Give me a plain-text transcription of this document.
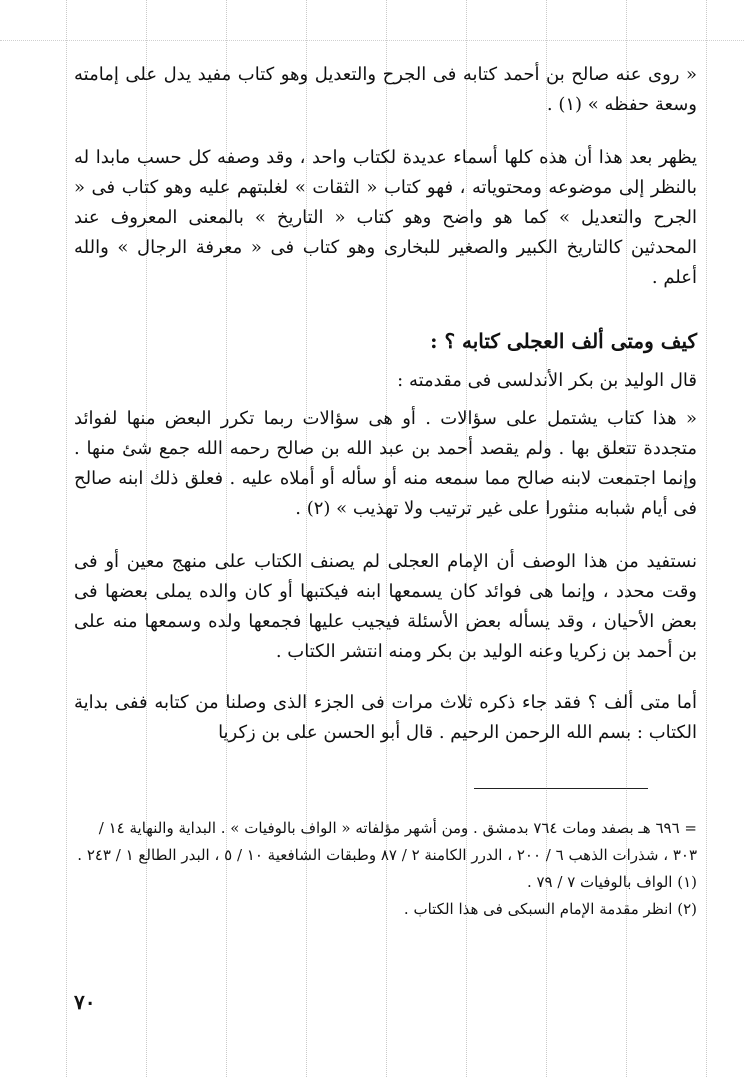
« روى عنه صالح بن أحمد كتابه فى الجرح والتعديل وهو كتاب مفيد يدل على إمامته وسعة حفظه » (١) .

يظهر بعد هذا أن هذه كلها أسماء عديدة لكتاب واحد ، وقد وصفه كل حسب مابدا له بالنظر إلى موضوعه ومحتوياته ، فهو كتاب « الثقات » لغلبتهم عليه وهو كتاب فى « الجرح والتعديل » كما هو واضح وهو كتاب « التاريخ » بالمعنى المعروف عند المحدثين كالتاريخ الكبير والصغير للبخارى وهو كتاب فى « معرفة الرجال » والله أعلم .

كيف ومتى ألف العجلى كتابه ؟ :

قال الوليد بن بكر الأندلسى فى مقدمته :

« هذا كتاب يشتمل على سؤالات . أو هى سؤالات ربما تكرر البعض منها لفوائد متجددة تتعلق بها . ولم يقصد أحمد بن عبد الله بن صالح رحمه الله جمع شئ منها . وإنما اجتمعت لابنه صالح مما سمعه منه أو سأله أو أملاه عليه . فعلق ذلك ابنه صالح فى أيام شبابه منثورا على غير ترتيب ولا تهذيب » (٢) .

نستفيد من هذا الوصف أن الإمام العجلى لم يصنف الكتاب على منهج معين أو فى وقت محدد ، وإنما هى فوائد كان يسمعها ابنه فيكتبها أو كان والده يملى بعضها فى بعض الأحيان ، وقد يسأله بعض الأسئلة فيجيب عليها فجمعها ولده وسمعها منه على بن أحمد بن زكريا وعنه الوليد بن بكر ومنه انتشر الكتاب .

أما متى ألف ؟ فقد جاء ذكره ثلاث مرات فى الجزء الذى وصلنا من كتابه ففى بداية الكتاب : بسم الله الرحمن الرحيم . قال أبو الحسن على بن زكريا

= ٦٩٦ هـ بصفد ومات ٧٦٤ بدمشق . ومن أشهر مؤلفاته « الواف بالوفيات » . البداية والنهاية ١٤ / ٣٠٣ ، شذرات الذهب ٦ / ٢٠٠ ، الدرر الكامنة ٢ / ٨٧ وطبقات الشافعية ١٠ / ٥ ، البدر الطالع ١ / ٢٤٣ .

(١) الواف بالوفيات ٧ / ٧٩ .

(٢) انظر مقدمة الإمام السبكى فى هذا الكتاب .

٧٠
